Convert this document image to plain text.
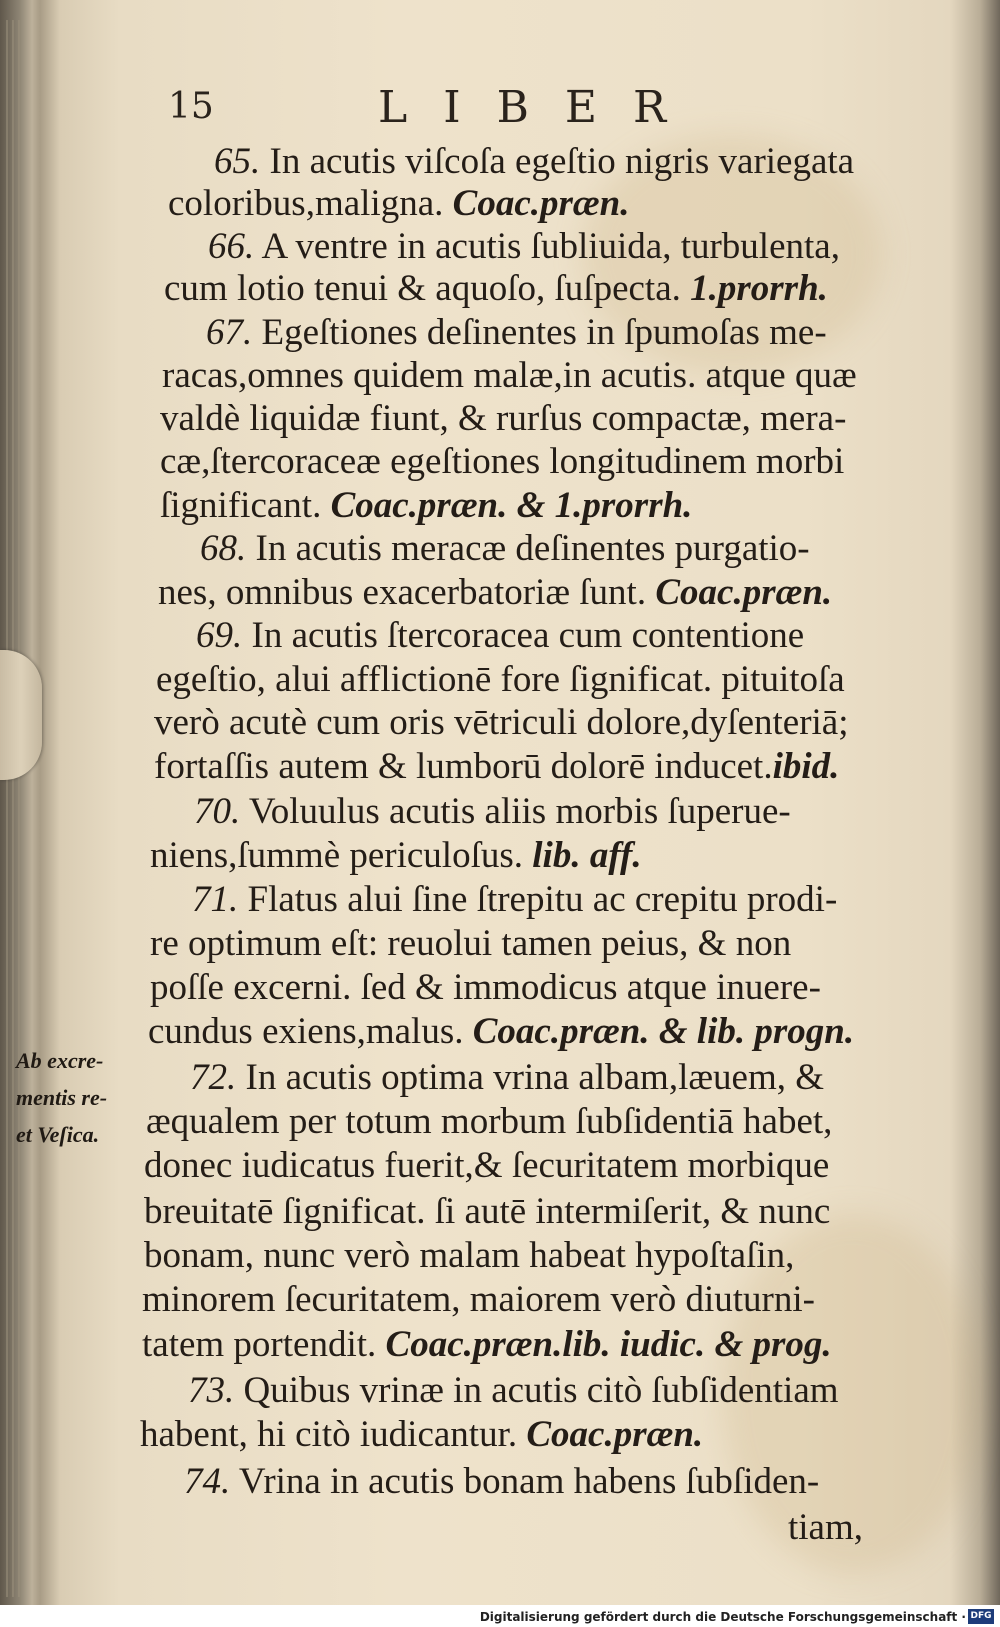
15	LIBER
65. In acutis viſcoſa egeſtio nigris variegata
coloribus,maligna. Coac.præn.
66. A ventre in acutis ſubliuida, turbulenta,
cum lotio tenui & aquoſo, ſuſpecta. 1.prorrh.
67. Egeſtiones deſinentes in ſpumoſas me-
racas,omnes quidem malæ,in acutis. atque quæ
valdè liquidæ fiunt, & rurſus compactæ, mera-
cæ,ſtercoraceæ egeſtiones longitudinem morbi
ſignificant. Coac.præn. & 1.prorrh.
68. In acutis meracæ deſinentes purgatio-
nes, omnibus exacerbatoriæ ſunt. Coac.præn.
69. In acutis ſtercoracea cum contentione
egeſtio, alui afflictionē fore ſignificat. pituitoſa
verò acutè cum oris vētriculi dolore,dyſenteriā;
fortaſſis autem & lumborū dolorē inducet.ibid.
70. Voluulus acutis aliis morbis ſuperue-
niens,ſummè periculoſus. lib. aff.
71. Flatus alui ſine ſtrepitu ac crepitu prodi-
re optimum eſt: reuolui tamen peius, & non
poſſe excerni. ſed & immodicus atque inuere-
cundus exiens,malus. Coac.præn. & lib. progn.
72. In acutis optima vrina albam,læuem, &
æqualem per totum morbum ſubſidentiā habet,
donec iudicatus fuerit,& ſecuritatem morbique
breuitatē ſignificat. ſi autē intermiſerit, & nunc
bonam, nunc verò malam habeat hypoſtaſin,
minorem ſecuritatem, maiorem verò diuturni-
tatem portendit. Coac.præn.lib. iudic. & prog.
73. Quibus vrinæ in acutis citò ſubſidentiam
habent, hi citò iudicantur. Coac.præn.
74. Vrina in acutis bonam habens ſubſiden-
tiam,
Ab excre-
mentis re-
et Veſica.
Digitalisierung gefördert durch die Deutsche Forschungsgemeinschaft · DFG
